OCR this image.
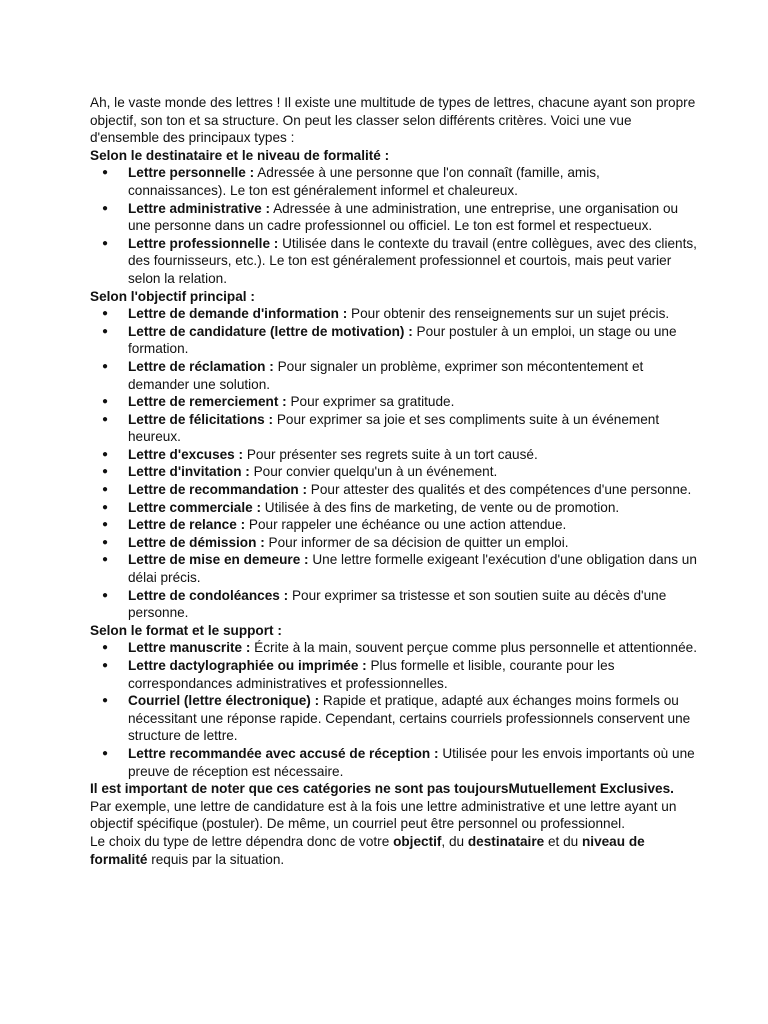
Ah, le vaste monde des lettres ! Il existe une multitude de types de lettres, chacune ayant son propre objectif, son ton et sa structure. On peut les classer selon différents critères. Voici une vue d'ensemble des principaux types :

Selon le destinataire et le niveau de formalité :

● Lettre personnelle : Adressée à une personne que l'on connaît (famille, amis, connaissances). Le ton est généralement informel et chaleureux.
● Lettre administrative : Adressée à une administration, une entreprise, une organisation ou une personne dans un cadre professionnel ou officiel. Le ton est formel et respectueux.
● Lettre professionnelle : Utilisée dans le contexte du travail (entre collègues, avec des clients, des fournisseurs, etc.). Le ton est généralement professionnel et courtois, mais peut varier selon la relation.

Selon l'objectif principal :

● Lettre de demande d'information : Pour obtenir des renseignements sur un sujet précis.
● Lettre de candidature (lettre de motivation) : Pour postuler à un emploi, un stage ou une formation.
● Lettre de réclamation : Pour signaler un problème, exprimer son mécontentement et demander une solution.
● Lettre de remerciement : Pour exprimer sa gratitude.
● Lettre de félicitations : Pour exprimer sa joie et ses compliments suite à un événement heureux.
● Lettre d'excuses : Pour présenter ses regrets suite à un tort causé.
● Lettre d'invitation : Pour convier quelqu'un à un événement.
● Lettre de recommandation : Pour attester des qualités et des compétences d'une personne.
● Lettre commerciale : Utilisée à des fins de marketing, de vente ou de promotion.
● Lettre de relance : Pour rappeler une échéance ou une action attendue.
● Lettre de démission : Pour informer de sa décision de quitter un emploi.
● Lettre de mise en demeure : Une lettre formelle exigeant l'exécution d'une obligation dans un délai précis.
● Lettre de condoléances : Pour exprimer sa tristesse et son soutien suite au décès d'une personne.

Selon le format et le support :

● Lettre manuscrite : Écrite à la main, souvent perçue comme plus personnelle et attentionnée.
● Lettre dactylographiée ou imprimée : Plus formelle et lisible, courante pour les correspondances administratives et professionnelles.
● Courriel (lettre électronique) : Rapide et pratique, adapté aux échanges moins formels ou nécessitant une réponse rapide. Cependant, certains courriels professionnels conservent une structure de lettre.
● Lettre recommandée avec accusé de réception : Utilisée pour les envois importants où une preuve de réception est nécessaire.

Il est important de noter que ces catégories ne sont pas toujoursMutuellement Exclusives. Par exemple, une lettre de candidature est à la fois une lettre administrative et une lettre ayant un objectif spécifique (postuler). De même, un courriel peut être personnel ou professionnel.

Le choix du type de lettre dépendra donc de votre objectif, du destinataire et du niveau de formalité requis par la situation.
